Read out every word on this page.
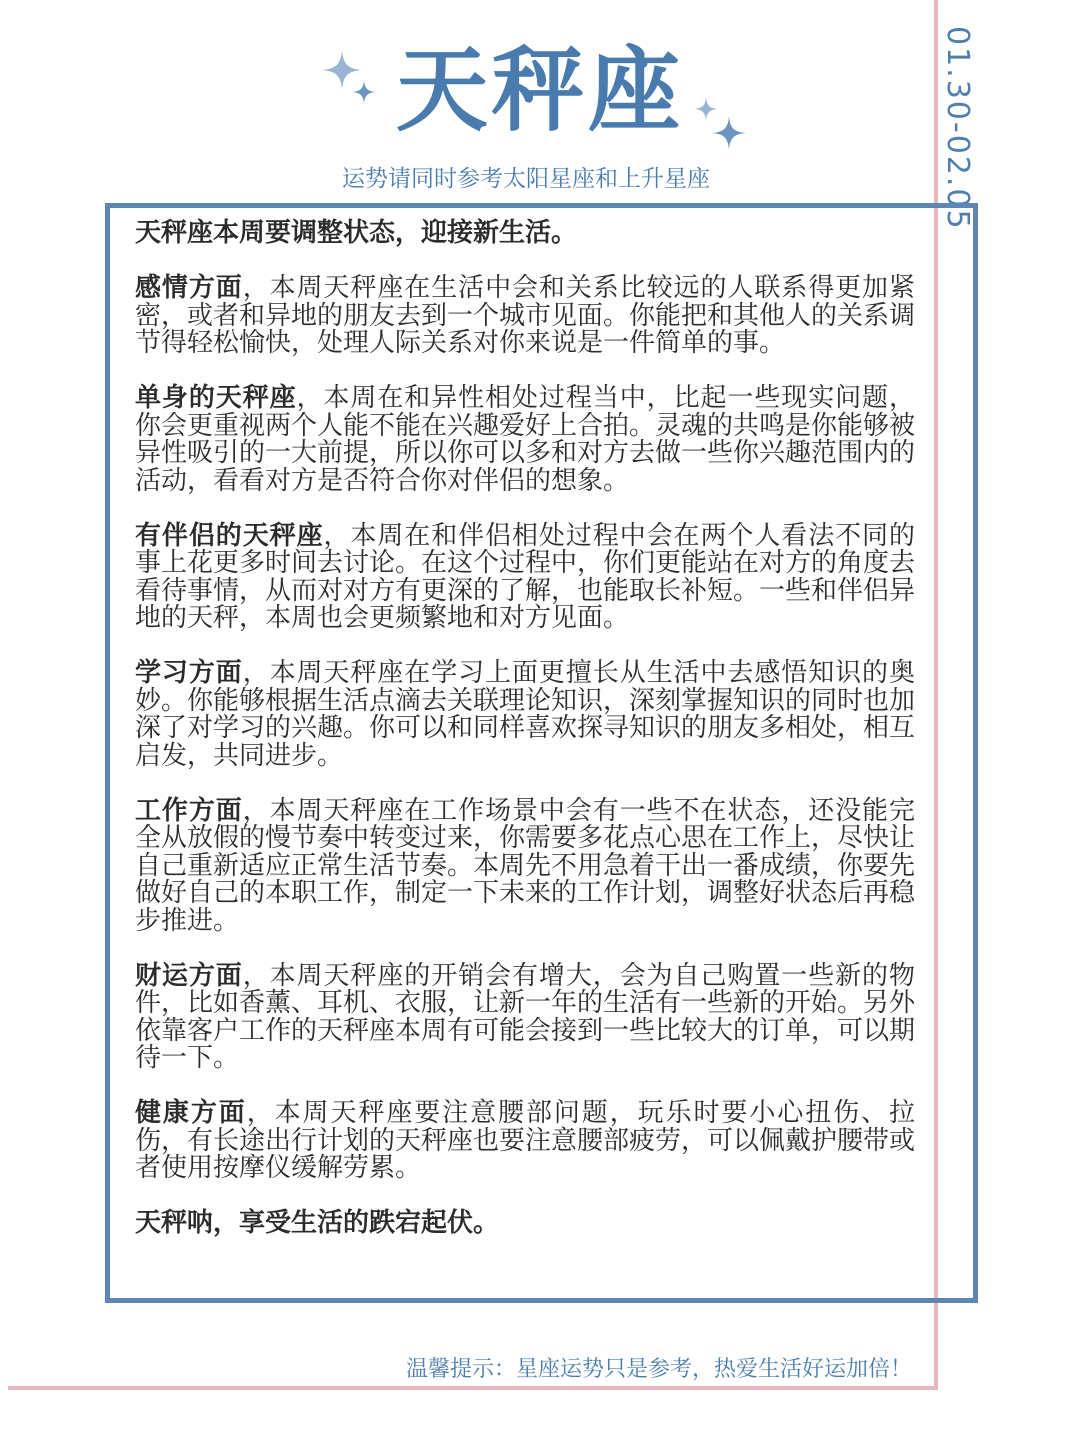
01.30-02.05
天秤座
运势请同时参考太阳星座和上升星座

天秤座本周要调整状态，迎接新生活。

感情方面，本周天秤座在生活中会和关系比较远的人联系得更加紧密，或者和异地的朋友去到一个城市见面。你能把和其他人的关系调节得轻松愉快，处理人际关系对你来说是一件简单的事。

单身的天秤座，本周在和异性相处过程当中，比起一些现实问题，你会更重视两个人能不能在兴趣爱好上合拍。灵魂的共鸣是你能够被异性吸引的一大前提，所以你可以多和对方去做一些你兴趣范围内的活动，看看对方是否符合你对伴侣的想象。

有伴侣的天秤座，本周在和伴侣相处过程中会在两个人看法不同的事上花更多时间去讨论。在这个过程中，你们更能站在对方的角度去看待事情，从而对对方有更深的了解，也能取长补短。一些和伴侣异地的天秤，本周也会更频繁地和对方见面。

学习方面，本周天秤座在学习上面更擅长从生活中去感悟知识的奥妙。你能够根据生活点滴去关联理论知识，深刻掌握知识的同时也加深了对学习的兴趣。你可以和同样喜欢探寻知识的朋友多相处，相互启发，共同进步。

工作方面，本周天秤座在工作场景中会有一些不在状态，还没能完全从放假的慢节奏中转变过来，你需要多花点心思在工作上，尽快让自己重新适应正常生活节奏。本周先不用急着干出一番成绩，你要先做好自己的本职工作，制定一下未来的工作计划，调整好状态后再稳步推进。

财运方面，本周天秤座的开销会有增大，会为自己购置一些新的物件，比如香薰、耳机、衣服，让新一年的生活有一些新的开始。另外依靠客户工作的天秤座本周有可能会接到一些比较大的订单，可以期待一下。

健康方面，本周天秤座要注意腰部问题，玩乐时要小心扭伤、拉伤，有长途出行计划的天秤座也要注意腰部疲劳，可以佩戴护腰带或者使用按摩仪缓解劳累。

天秤呐，享受生活的跌宕起伏。

温馨提示：星座运势只是参考，热爱生活好运加倍！
